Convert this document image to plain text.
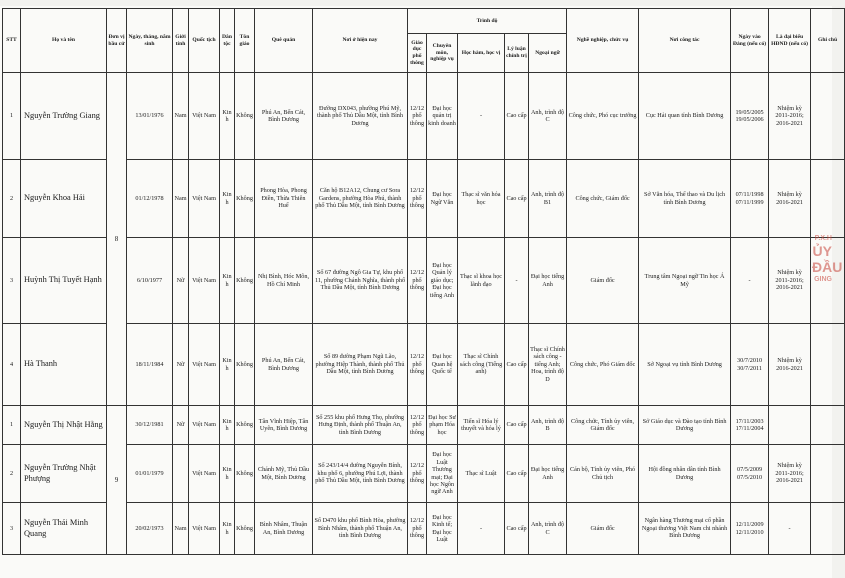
STT	Họ và tên	Đơn vị bầu cử	Ngày, tháng, năm sinh	Giới tính	Quốc tịch	Dân tộc	Tôn giáo	Quê quán	Nơi ở hiện nay	Trình độ					Nghề nghiệp, chức vụ	Nơi công tác	Ngày vào Đảng (nếu có)	Là đại biểu HĐND (nếu có)	Ghi chú
										Giáo dục phổ thông	Chuyên môn, nghiệp vụ	Học hàm, học vị	Lý luận chính trị	Ngoại ngữ					
1	Nguyễn Trường Giang	8	13/01/1976	Nam	Việt Nam	Kinh	Không	Phú An, Bến Cát, Bình Dương	Đường DX043, phường Phú Mỹ, thành phố Thủ Dầu Một, tỉnh Bình Dương	12/12 phổ thông	Đại học quản trị kinh doanh	-	Cao cấp	Anh, trình độ C	Công chức, Phó cục trưởng	Cục Hải quan tỉnh Bình Dương	19/05/2005 19/05/2006	Nhiệm kỳ 2011-2016; 2016-2021	
2	Nguyễn Khoa Hải		01/12/1978	Nam	Việt Nam	Kinh	Không	Phong Hòa, Phong Điền, Thừa Thiên Huế	Căn hộ B12A12, Chung cư Sora Gardens, phường Hòa Phú, thành phố Thủ Dầu Một, tỉnh Bình Dương	12/12 phổ thông	Đại học Ngữ Văn	Thạc sĩ văn hóa học	Cao cấp	Anh, trình độ B1	Công chức, Giám đốc	Sở Văn hóa, Thể thao và Du lịch tỉnh Bình Dương	07/11/1998 07/11/1999	Nhiệm kỳ 2016-2021	
3	Huỳnh Thị Tuyết Hạnh		6/10/1977	Nữ	Việt Nam	Kinh	Không	Nhị Bình, Hóc Môn, Hồ Chí Minh	Số 67 đường Ngô Gia Tự, khu phố 11, phường Chánh Nghĩa, thành phố Thủ Dầu Một, tỉnh Bình Dương	12/12 phổ thông	Đại học Quản lý giáo dục; Đại học tiếng Anh	Thạc sĩ khoa học lãnh đạo	-	Đại học tiếng Anh	Giám đốc	Trung tâm Ngoại ngữ Tin học Á Mỹ	-	Nhiệm kỳ 2011-2016; 2016-2021	
4	Hà Thanh		18/11/1984	Nữ	Việt Nam	Kinh	Không	Phú An, Bến Cát, Bình Dương	Số 89 đường Phạm Ngũ Lão, phường Hiệp Thành, thành phố Thủ Dầu Một, tỉnh Bình Dương	12/12 phổ thông	Đại học Quan hệ Quốc tế	Thạc sĩ Chính sách công (Tiếng anh)	Cao cấp	Thạc sĩ Chính sách công - tiếng Anh; Hoa, trình độ D	Công chức, Phó Giám đốc	Sở Ngoại vụ tỉnh Bình Dương	30/7/2010 30/7/2011	Nhiệm kỳ 2016-2021	
1	Nguyễn Thị Nhật Hằng	9	30/12/1981	Nữ	Việt Nam	Kinh	Không	Tân Vĩnh Hiệp, Tân Uyên, Bình Dương	Số 255 khu phố Hưng Thọ, phường Hưng Định, thành phố Thuận An, tỉnh Bình Dương	12/12 phổ thông	Đại học Sư phạm Hóa học	Tiến sĩ Hóa lý thuyết và hóa lý	Cao cấp	Anh, trình độ B	Công chức, Tỉnh ủy viên, Giám đốc	Sở Giáo dục và Đào tạo tỉnh Bình Dương	17/11/2003 17/11/2004		
2	Nguyễn Trường Nhật Phượng		01/01/1979		Việt Nam	Kinh	Không	Chánh Mỹ, Thủ Dầu Một, Bình Dương	Số 243/14/4 đường Nguyễn Bính, khu phố 6, phường Phú Lợi, thành phố Thủ Dầu Một, tỉnh Bình Dương	12/12 phổ thông	Đại học Luật Thương mại; Đại học Ngôn ngữ Anh	Thạc sĩ Luật	Cao cấp	Đại học tiếng Anh	Cán bộ, Tỉnh ủy viên, Phó Chủ tịch	Hội đồng nhân dân tỉnh Bình Dương	07/5/2009 07/5/2010	Nhiệm kỳ 2011-2016; 2016-2021	
3	Nguyễn Thái Minh Quang		20/02/1973	Nam	Việt Nam	Kinh	Không	Bình Nhâm, Thuận An, Bình Dương	Số D470 khu phố Bình Hòa, phường Bình Nhâm, thành phố Thuận An, tỉnh Bình Dương	12/12 phổ thông	Đại học Kinh tế; Đại học Luật	-	Cao cấp	Anh, trình độ C	Giám đốc	Ngân hàng Thương mại cổ phần Ngoại thương Việt Nam chi nhánh Bình Dương	12/11/2009 12/11/2010	-	
P.X.H
ỦY
ĐẦU
GING
